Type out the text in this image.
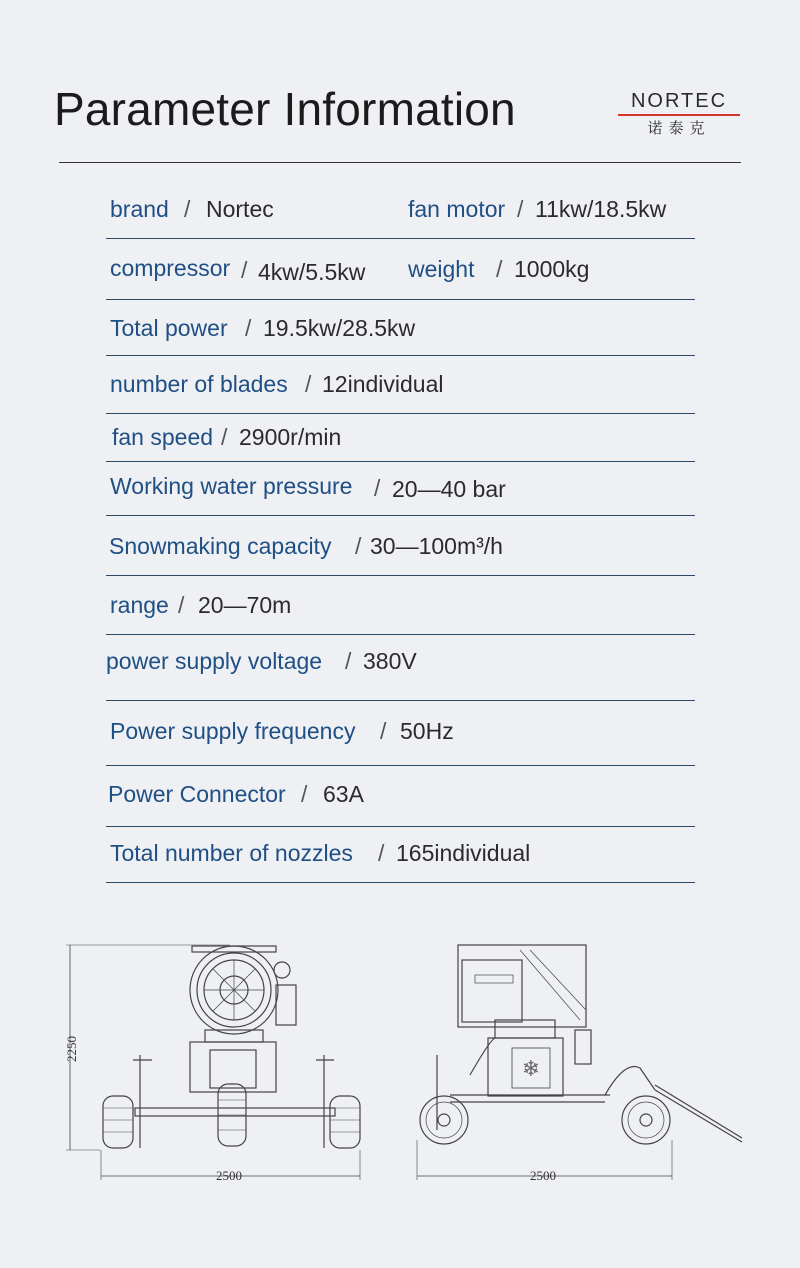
Parameter Information	NORTEC
诺泰克
brand / Nortec	fan motor / 11kw/18.5kw
compressor / 4kw/5.5kw weight / 1000kg
Total power / 19.5kw/28.5kw
number of blades / 12individual
fan speed / 2900r/min
Working water pressure / 20—40 bar
Snowmaking capacity / 30—100m³/h
range / 20—70m
power supply voltage / 380V
Power supply frequency / 50Hz
Power Connector / 63A
Total number of nozzles / 165individual
2250
2500
❄
2500
